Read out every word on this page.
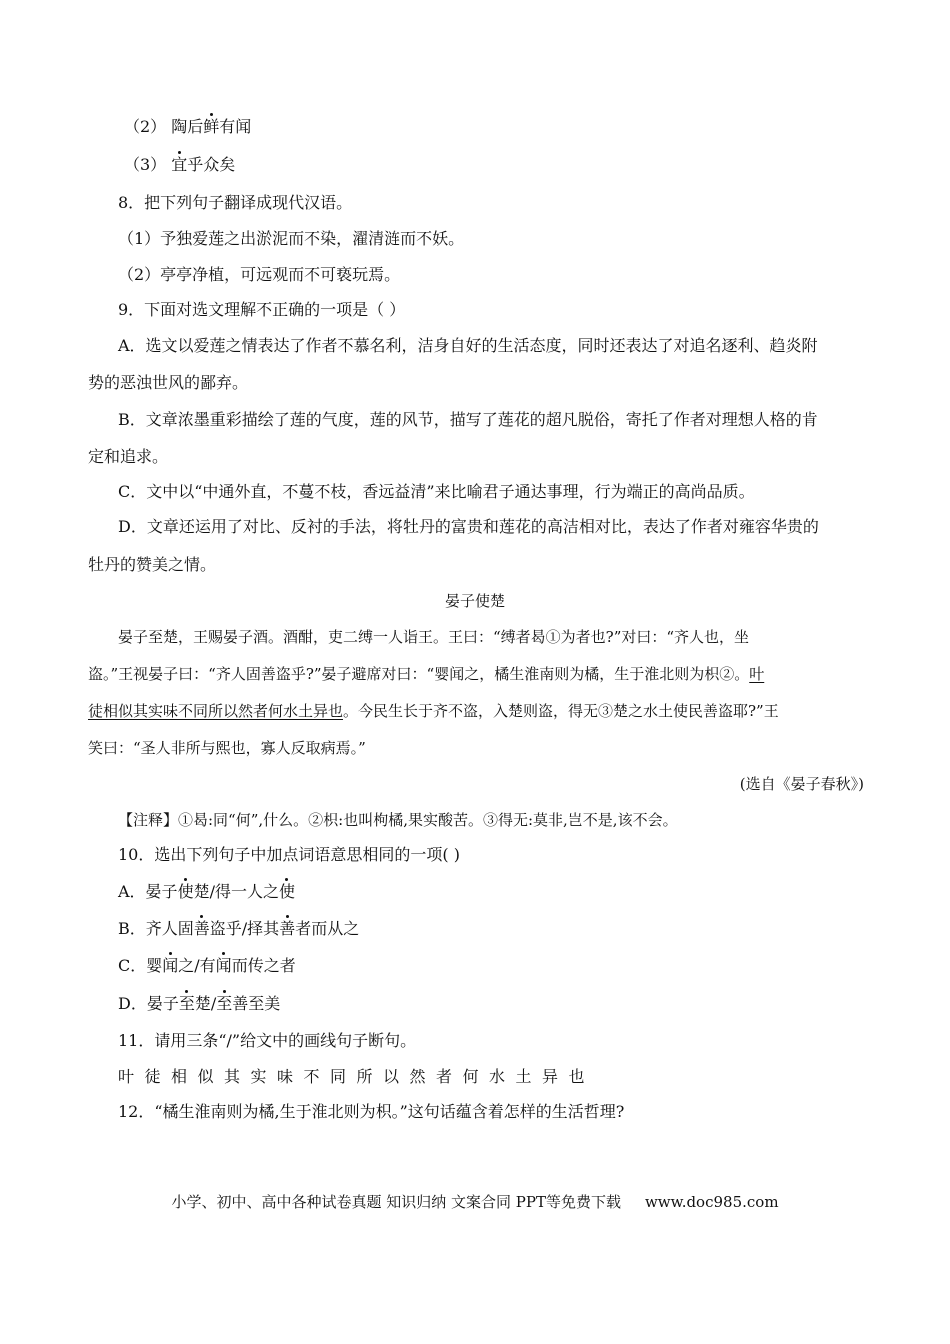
（2） 陶后鲜有闻
（3） 宜乎众矣
8．把下列句子翻译成现代汉语。
（1）予独爱莲之出淤泥而不染，濯清涟而不妖。
（2）亭亭净植，可远观而不可亵玩焉。
9．下面对选文理解不正确的一项是（ ）
A．选文以爱莲之情表达了作者不慕名利，洁身自好的生活态度，同时还表达了对追名逐利、趋炎附
势的恶浊世风的鄙弃。
B．文章浓墨重彩描绘了莲的气度，莲的风节，描写了莲花的超凡脱俗，寄托了作者对理想人格的肯
定和追求。
C．文中以“中通外直，不蔓不枝，香远益清”来比喻君子通达事理，行为端正的高尚品质。
D．文章还运用了对比、反衬的手法，将牡丹的富贵和莲花的高洁相对比，表达了作者对雍容华贵的
牡丹的赞美之情。
晏子使楚
晏子至楚，王赐晏子酒。酒酣，吏二缚一人诣王。王曰：“缚者曷①为者也?”对曰：“齐人也，坐
盗。”王视晏子曰：“齐人固善盗乎?”晏子避席对曰：“婴闻之，橘生淮南则为橘，生于淮北则为枳②。叶
徒相似其实味不同所以然者何水土异也。今民生长于齐不盗，入楚则盗，得无③楚之水土使民善盗耶?”王
笑曰：“圣人非所与熙也，寡人反取病焉。”
(选自《晏子春秋》)
【注释】①曷:同“何”,什么。②枳:也叫枸橘,果实酸苦。③得无:莫非,岂不是,该不会。
10．选出下列句子中加点词语意思相同的一项( )
A．晏子使楚/得一人之使
B．齐人固善盗乎/择其善者而从之
C．婴闻之/有闻而传之者
D．晏子至楚/至善至美
11．请用三条“/”给文中的画线句子断句。
叶徒相似其实味不同所以然者何水土异也
12．“橘生淮南则为橘,生于淮北则为枳。”这句话蕴含着怎样的生活哲理?
小学、初中、高中各种试卷真题 知识归纳 文案合同 PPT等免费下载 www.doc985.com
